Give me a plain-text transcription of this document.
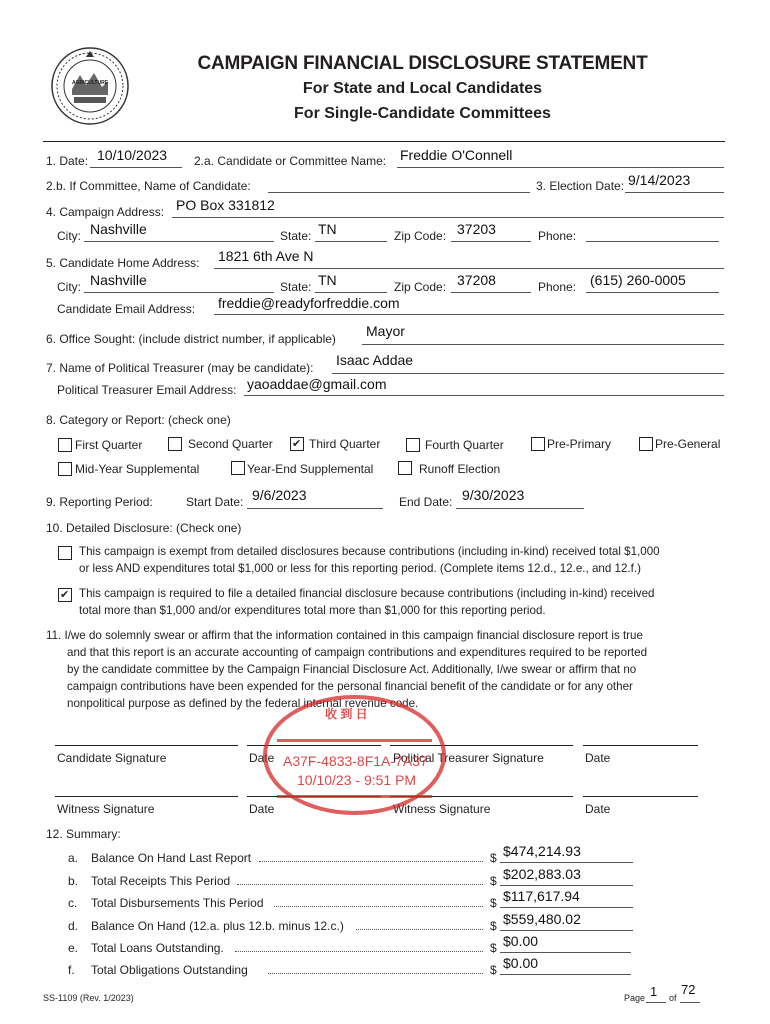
AGRICULTURE
CAMPAIGN FINANCIAL DISCLOSURE STATEMENT
For State and Local Candidates
For Single-Candidate Committees
1. Date: 10/10/2023 2.a. Candidate or Committee Name: Freddie O'Connell
2.b. If Committee, Name of Candidate:	3. Election Date: 9/14/2023
4. Campaign Address: PO Box 331812
City: Nashville	State: TN	Zip Code: 37203	Phone:
5. Candidate Home Address: 1821 6th Ave N
City: Nashville	State: TN	Zip Code: 37208	Phone: (615) 260-0005
Candidate Email Address: freddie@readyforfreddie.com
6. Office Sought: (include district number, if applicable) Mayor
7. Name of Political Treasurer (may be candidate): Isaac Addae
Political Treasurer Email Address: yaoaddae@gmail.com
8. Category or Report: (check one)
First Quarter	Second Quarter ✔ Third Quarter	Fourth Quarter	Pre-Primary	Pre-General
Mid-Year Supplemental	Year-End Supplemental	Runoff Election
9. Reporting Period:	Start Date: 9/6/2023	End Date: 9/30/2023
10. Detailed Disclosure: (Check one)
This campaign is exempt from detailed disclosures because contributions (including in-kind) received total $1,000
or less AND expenditures total $1,000 or less for this reporting period. (Complete items 12.d., 12.e., and 12.f.)
✔ This campaign is required to file a detailed financial disclosure because contributions (including in-kind) received
total more than $1,000 and/or expenditures total more than $1,000 for this reporting period.
11. I/we do solemnly swear or affirm that the information contained in this campaign financial disclosure report is true
and that this report is an accurate accounting of campaign contributions and expenditures required to be reported
by the candidate committee by the Campaign Financial Disclosure Act. Additionally, I/we swear or affirm that no
campaign contributions have been expended for the personal financial benefit of the candidate or for any other
nonpolitical purpose as defined by the federal internal revenue code.
Candidate Signature	Date	Political Treasurer Signature	Date
Witness Signature	Date	Witness Signature	Date
收 到 日
A37F-4833-8F1A-7A37
10/10/23 - 9:51 PM
12. Summary:
a. Balance On Hand Last Report	$ $474,214.93
b. Total Receipts This Period	$ $202,883.03
c. Total Disbursements This Period	$ $117,617.94
d. Balance On Hand (12.a. plus 12.b. minus 12.c.)	$ $559,480.02
e. Total Loans Outstanding.	$ $0.00
f. Total Obligations Outstanding	$ $0.00
SS-1109 (Rev. 1/2023)	Page 1 of
72
